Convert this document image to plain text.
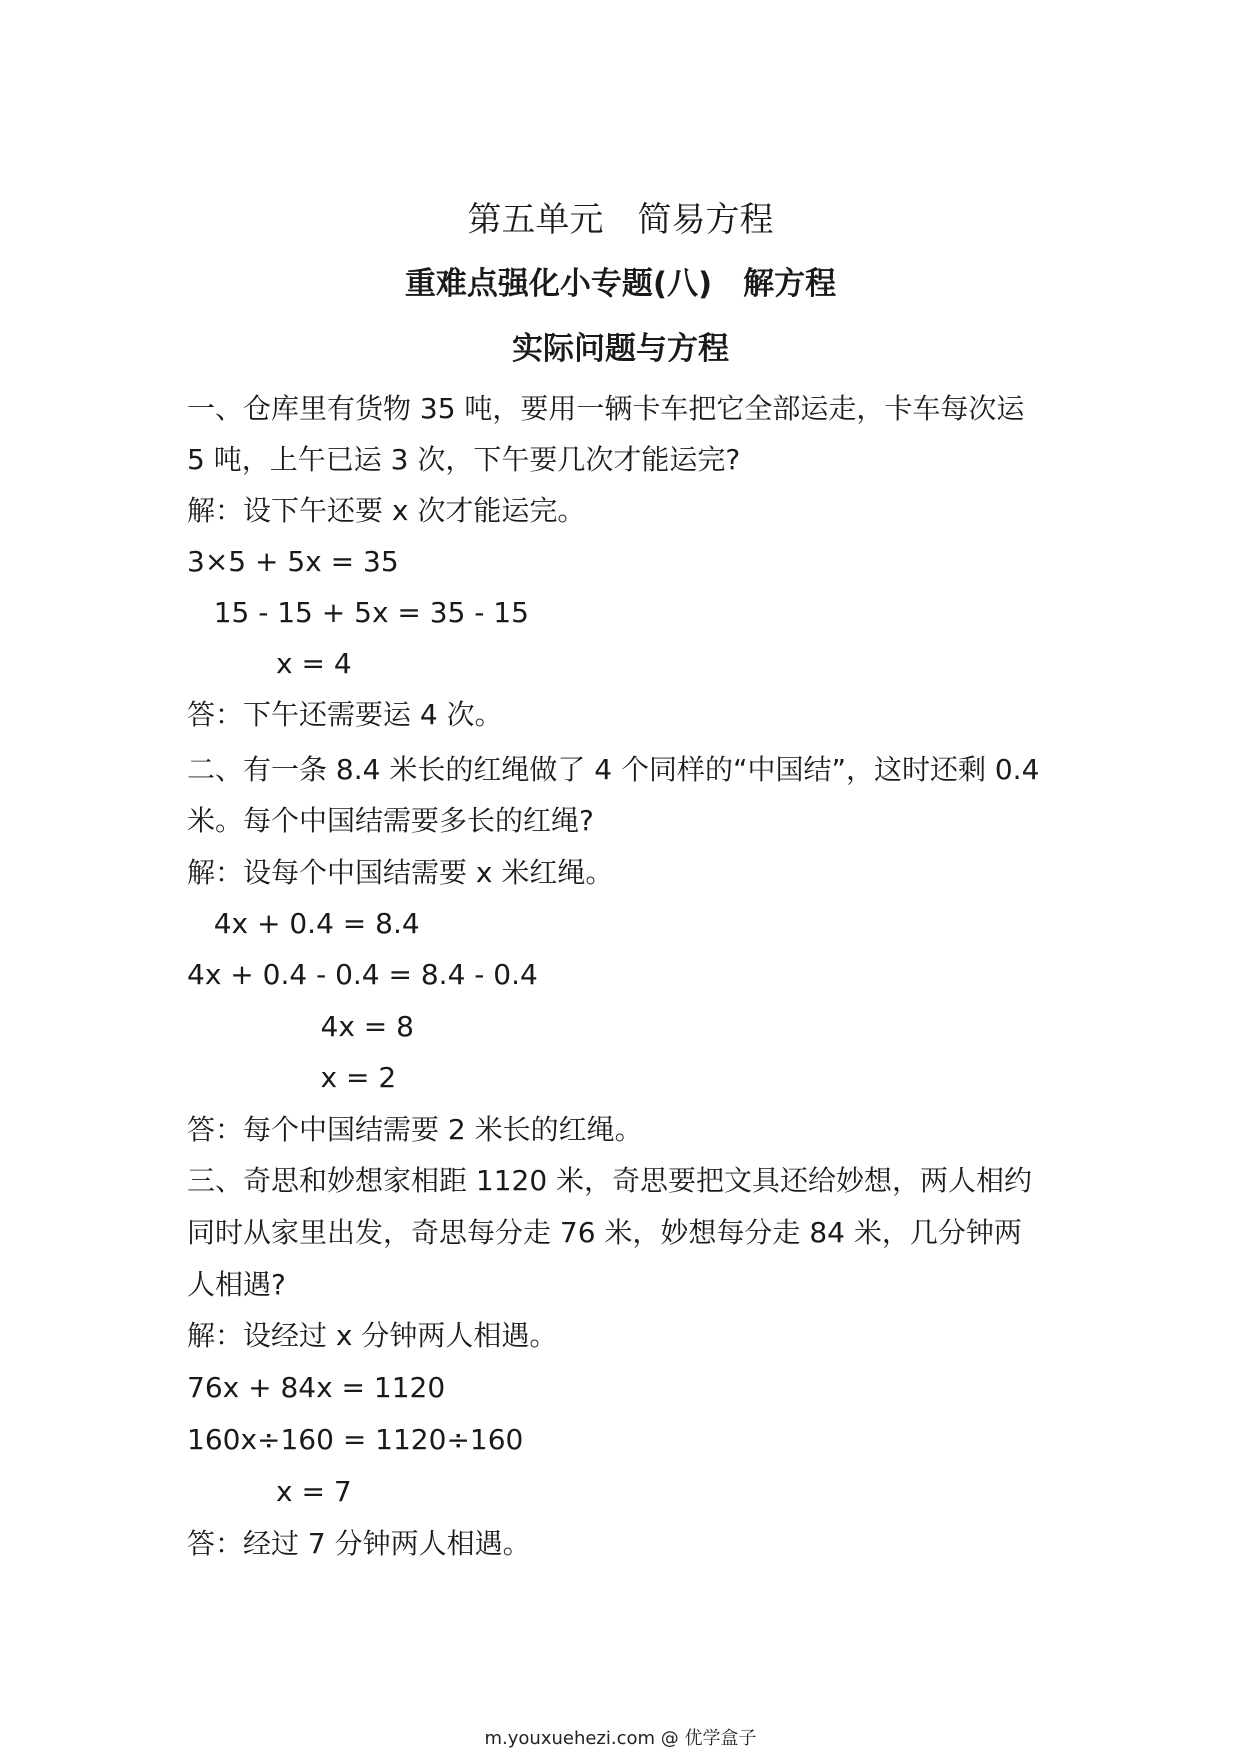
第五单元　简易方程
重难点强化小专题(八)　解方程
实际问题与方程
一、仓库里有货物 35 吨，要用一辆卡车把它全部运走，卡车每次运
5 吨，上午已运 3 次，下午要几次才能运完?
解：设下午还要 x 次才能运完。
3×5 + 5x = 35
15 - 15 + 5x = 35 - 15
x = 4
答：下午还需要运 4 次。
二、有一条 8.4 米长的红绳做了 4 个同样的“中国结”，这时还剩 0.4
米。每个中国结需要多长的红绳?
解：设每个中国结需要 x 米红绳。
4x + 0.4 = 8.4
4x + 0.4 - 0.4 = 8.4 - 0.4
4x = 8
x = 2
答：每个中国结需要 2 米长的红绳。
三、奇思和妙想家相距 1120 米，奇思要把文具还给妙想，两人相约
同时从家里出发，奇思每分走 76 米，妙想每分走 84 米，几分钟两
人相遇?
解：设经过 x 分钟两人相遇。
76x + 84x = 1120
160x÷160 = 1120÷160
x = 7
答：经过 7 分钟两人相遇。
m.youxuehezi.com @ 优学盒子
